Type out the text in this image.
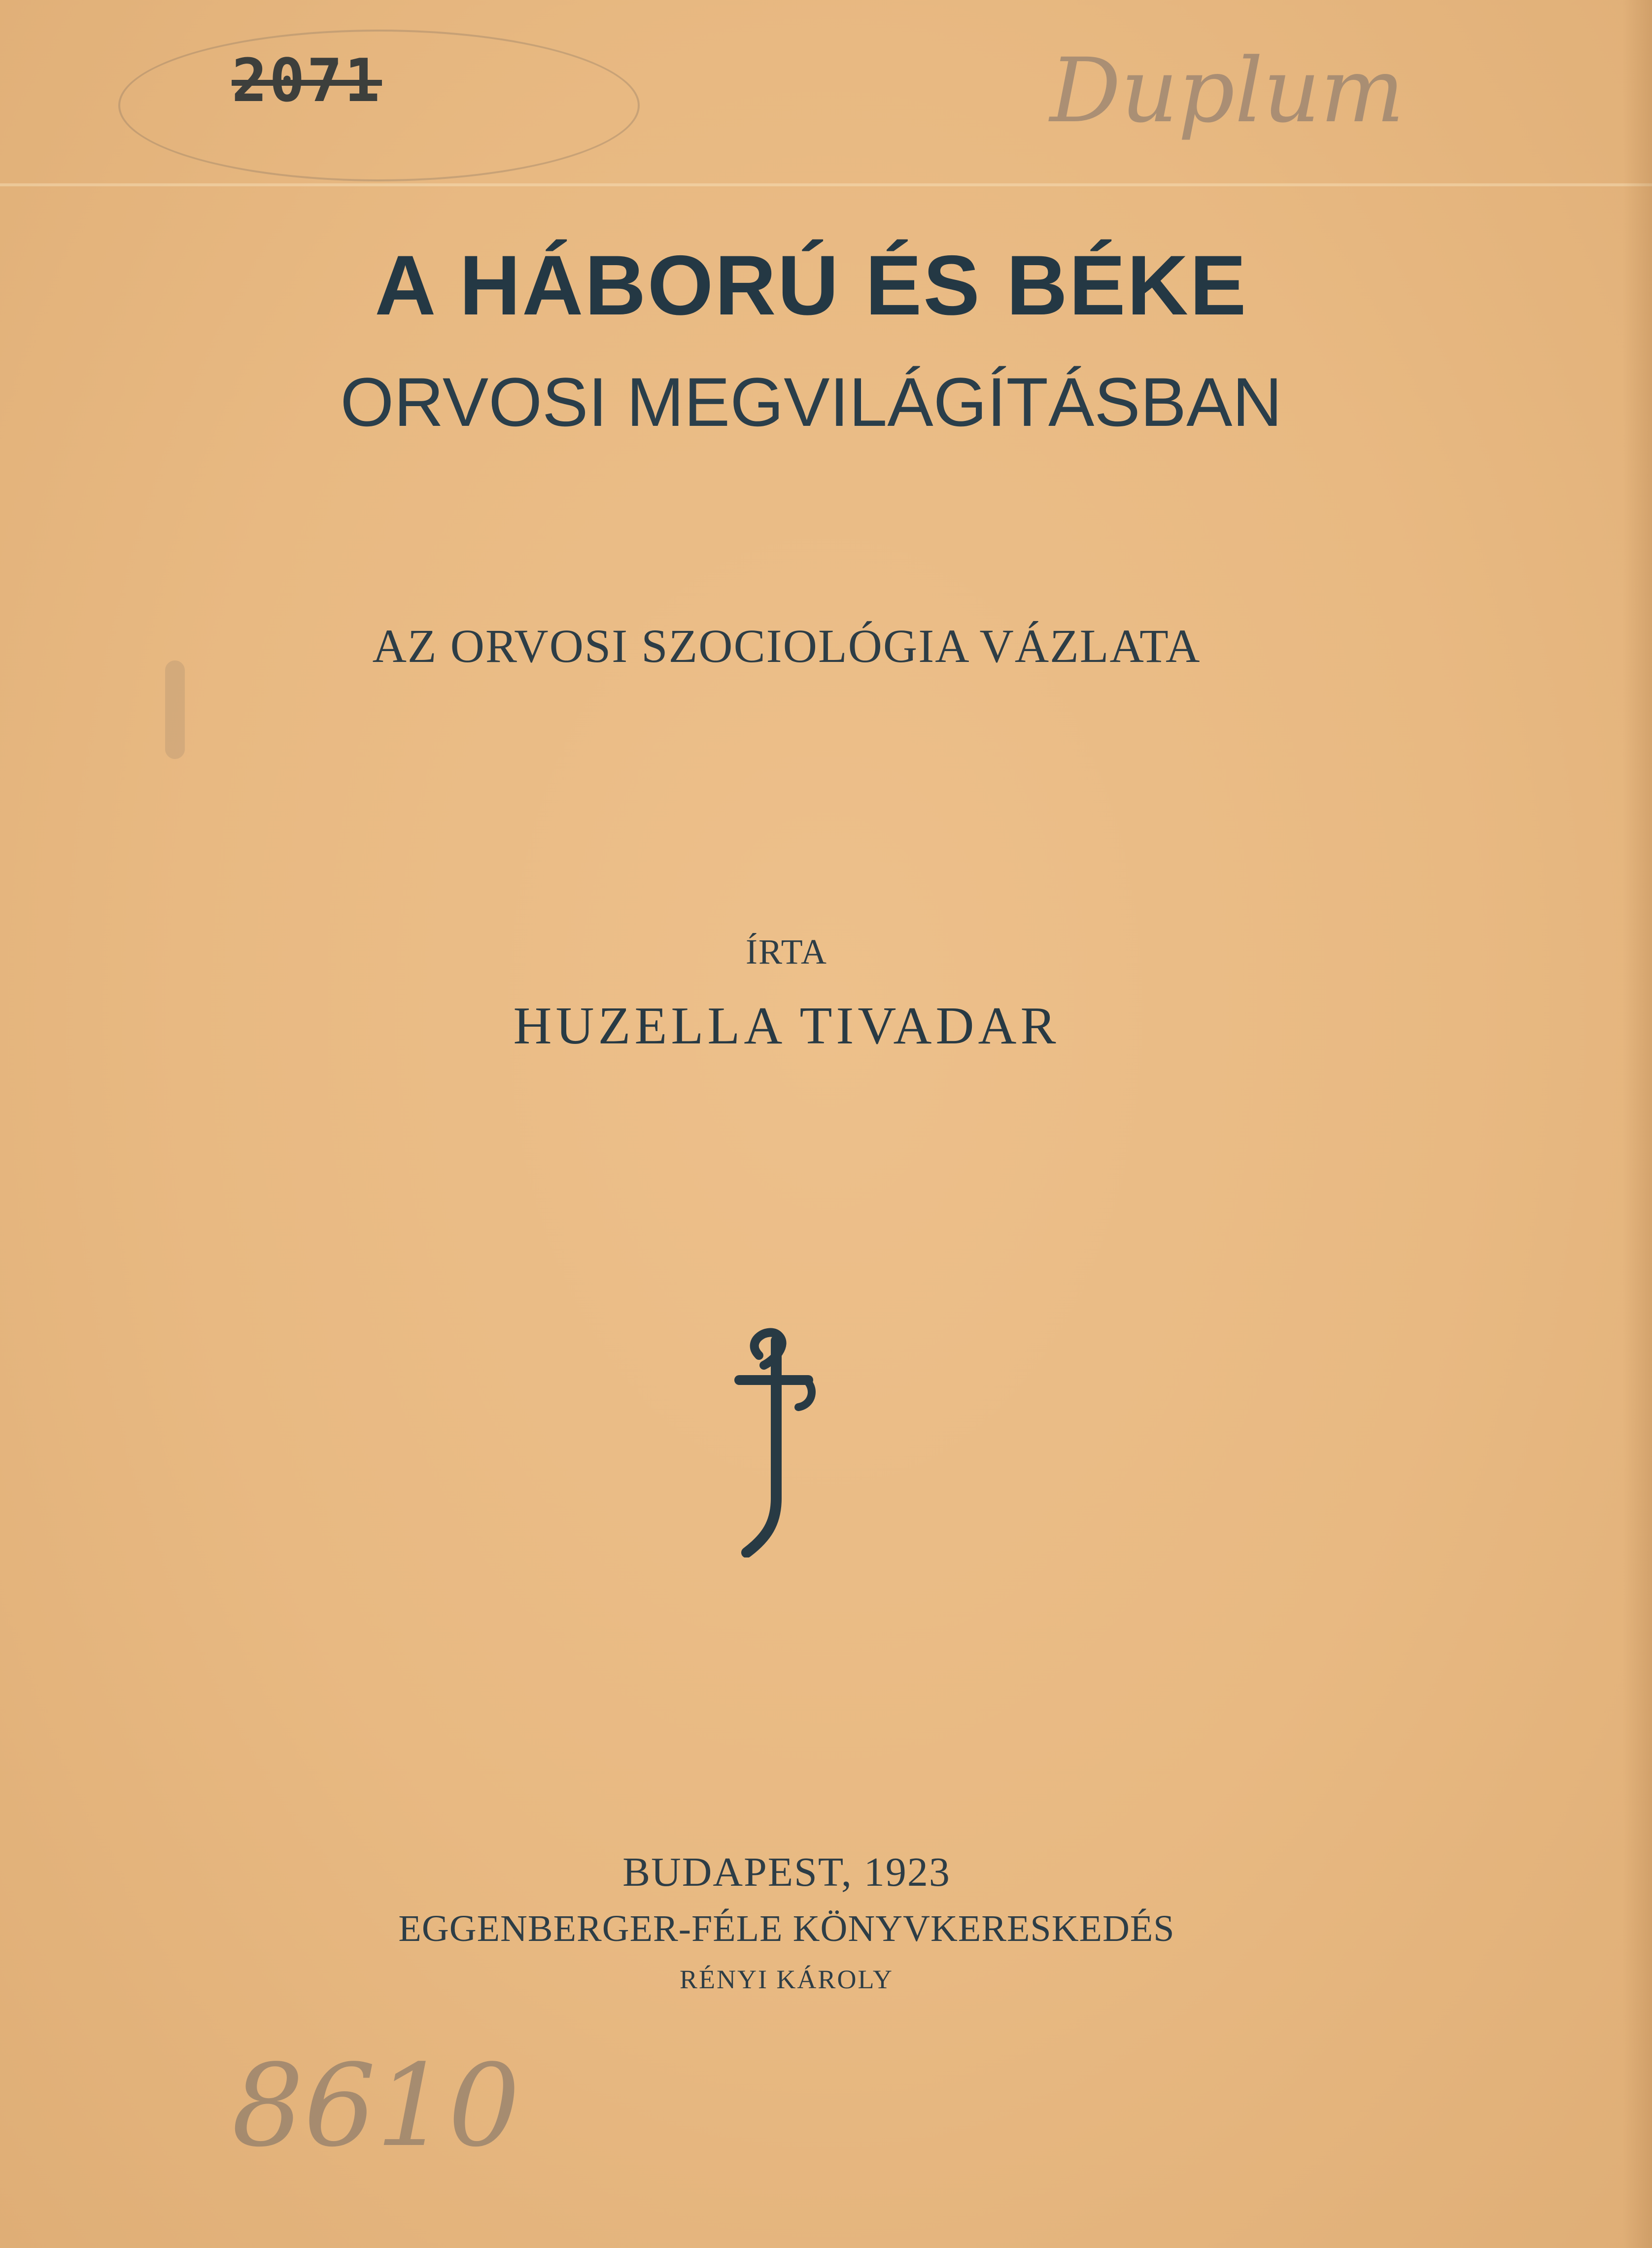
2071	Duplum
A HÁBORÚ ÉS BÉKE
ORVOSI MEGVILÁGÍTÁSBAN
AZ ORVOSI SZOCIOLÓGIA VÁZLATA
ÍRTA
HUZELLA TIVADAR
BUDAPEST, 1923
EGGENBERGER-FÉLE KÖNYVKERESKEDÉS
RÉNYI KÁROLY
8610
